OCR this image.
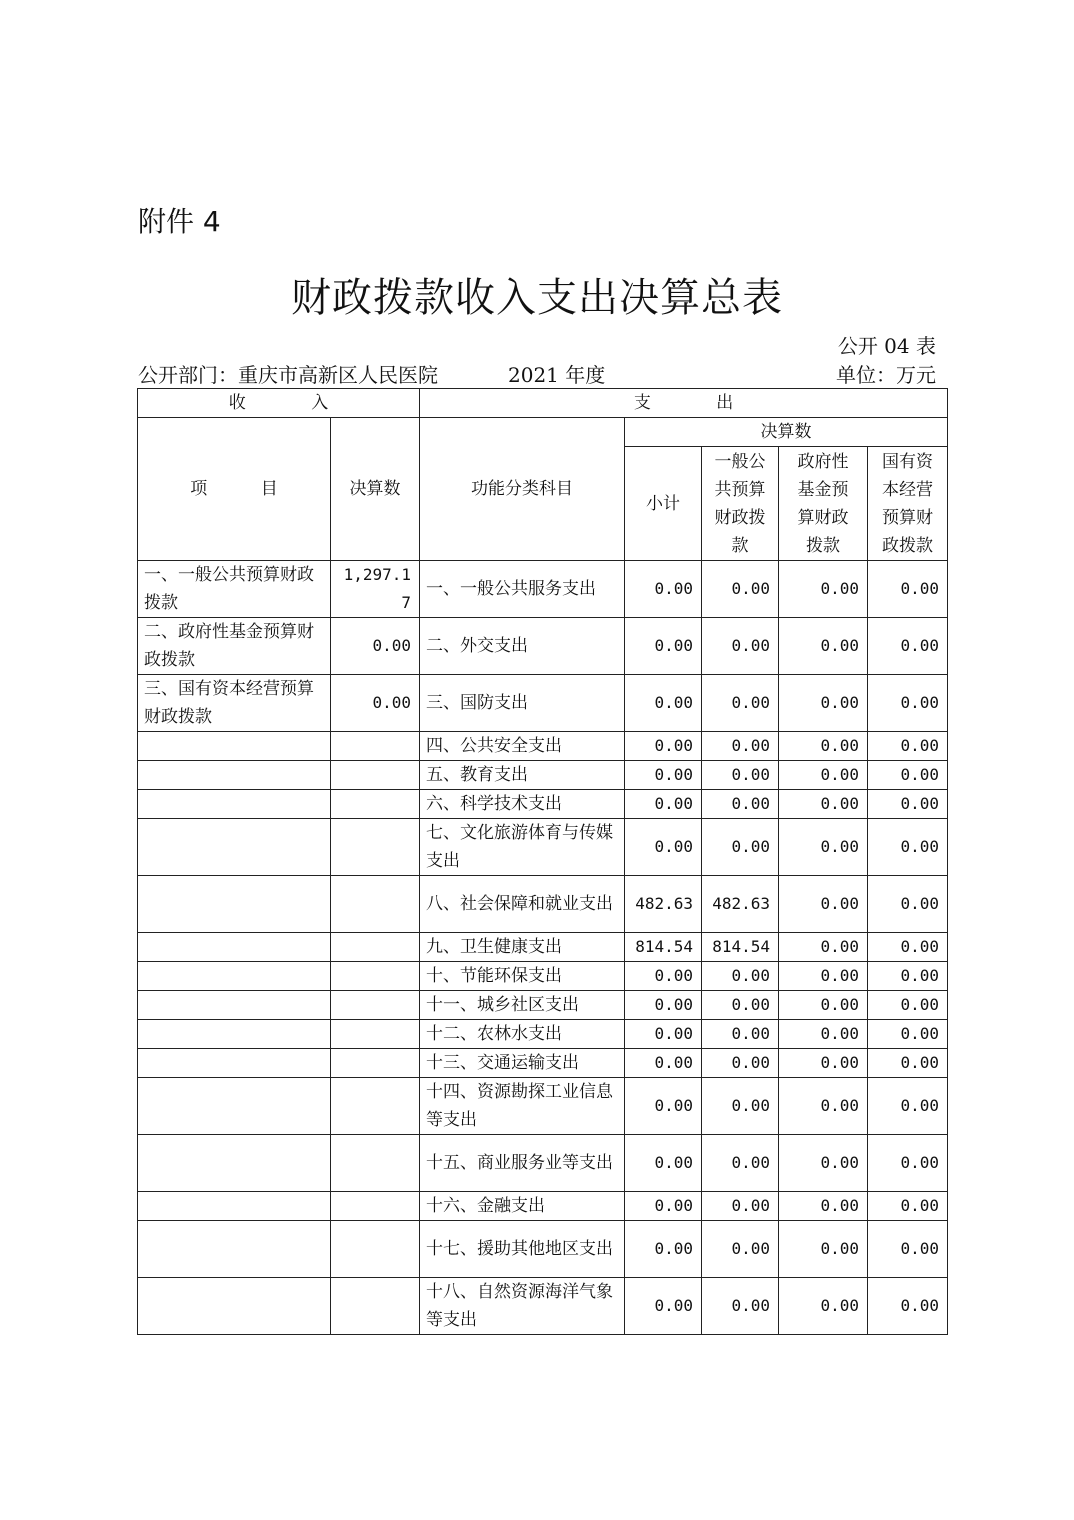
附件 4
财政拨款收入支出决算总表
公开 04 表
公开部门：重庆市高新区人民医院	2021 年度	单位：万元
收 入		支 出				
项 目	决算数	功能分类科目	决算数			
			小计	一般公共预算财政拨款	政府性基金预算财政拨款	国有资本经营预算财政拨款
一、一般公共预算财政拨款	1,297.17	一、一般公共服务支出	0.00	0.00	0.00	0.00
二、政府性基金预算财政拨款	0.00	二、外交支出	0.00	0.00	0.00	0.00
三、国有资本经营预算财政拨款	0.00	三、国防支出	0.00	0.00	0.00	0.00
		四、公共安全支出	0.00	0.00	0.00	0.00
		五、教育支出	0.00	0.00	0.00	0.00
		六、科学技术支出	0.00	0.00	0.00	0.00
		七、文化旅游体育与传媒支出	0.00	0.00	0.00	0.00
		八、社会保障和就业支出	482.63	482.63	0.00	0.00
		九、卫生健康支出	814.54	814.54	0.00	0.00
		十、节能环保支出	0.00	0.00	0.00	0.00
		十一、城乡社区支出	0.00	0.00	0.00	0.00
		十二、农林水支出	0.00	0.00	0.00	0.00
		十三、交通运输支出	0.00	0.00	0.00	0.00
		十四、资源勘探工业信息等支出	0.00	0.00	0.00	0.00
		十五、商业服务业等支出	0.00	0.00	0.00	0.00
		十六、金融支出	0.00	0.00	0.00	0.00
		十七、援助其他地区支出	0.00	0.00	0.00	0.00
		十八、自然资源海洋气象等支出	0.00	0.00	0.00	0.00
